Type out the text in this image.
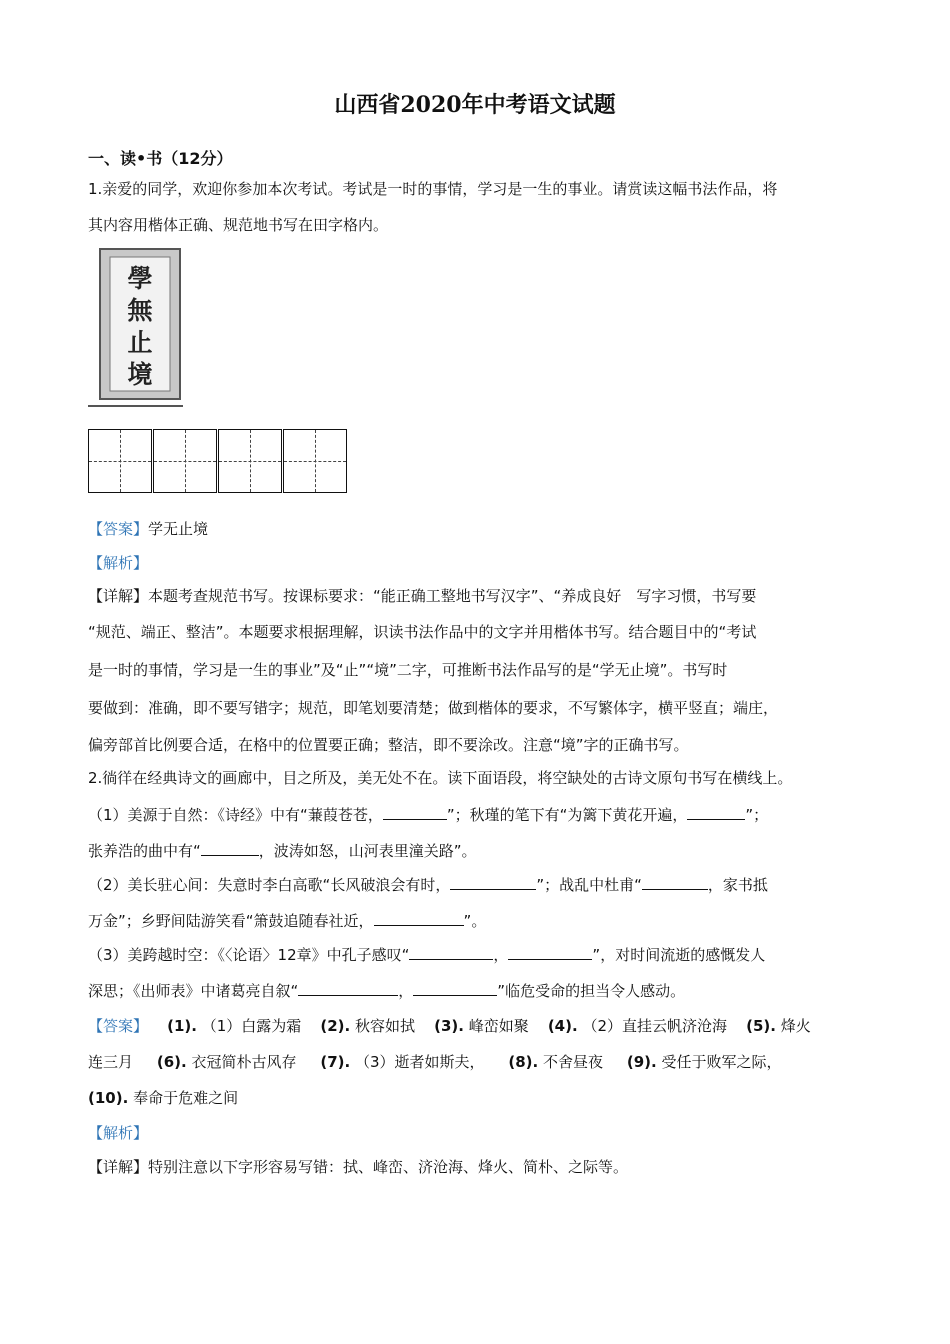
山西省2020年中考语文试题
一、读•书（12分）
1.亲爱的同学，欢迎你参加本次考试。考试是一时的事情，学习是一生的事业。请赏读这幅书法作品，将
其内容用楷体正确、规范地书写在田字格内。
學
無
止
境
【答案】学无止境
【解析】
【详解】本题考查规范书写。按课标要求：“能正确工整地书写汉字”、“养成良好　写字习惯，书写要
“规范、端正、整洁”。本题要求根据理解，识读书法作品中的文字并用楷体书写。结合题目中的“考试
是一时的事情，学习是一生的事业”及“止”“境”二字，可推断书法作品写的是“学无止境”。书写时
要做到：准确，即不要写错字；规范，即笔划要清楚；做到楷体的要求，不写繁体字，横平竖直；端庄，
偏旁部首比例要合适，在格中的位置要正确；整洁，即不要涂改。注意“境”字的正确书写。
2.徜徉在经典诗文的画廊中，目之所及，美无处不在。读下面语段，将空缺处的古诗文原句书写在横线上。
（1）美源于自然：《诗经》中有“蒹葭苍苍，	”；秋瑾的笔下有“为篱下黄花开遍，	”；
张养浩的曲中有“	，波涛如怒，山河表里潼关路”。
（2）美长驻心间：失意时李白高歌“长风破浪会有时，	”；战乱中杜甫“	，家书抵
万金”；乡野间陆游笑看“箫鼓追随春社近，	”。
（3）美跨越时空：《〈论语〉12章》中孔子感叹“	，	”，对时间流逝的感慨发人
深思；《出师表》中诸葛亮自叙“	，	”临危受命的担当令人感动。
【答案】 (1). （1）白露为霜 (2). 秋容如拭 (3). 峰峦如聚 (4). （2）直挂云帆济沧海 (5). 烽火
连三月 (6). 衣冠简朴古风存 (7). （3）逝者如斯夫， (8). 不舍昼夜 (9). 受任于败军之际，
(10). 奉命于危难之间
【解析】
【详解】特别注意以下字形容易写错：拭、峰峦、济沧海、烽火、简朴、之际等。
